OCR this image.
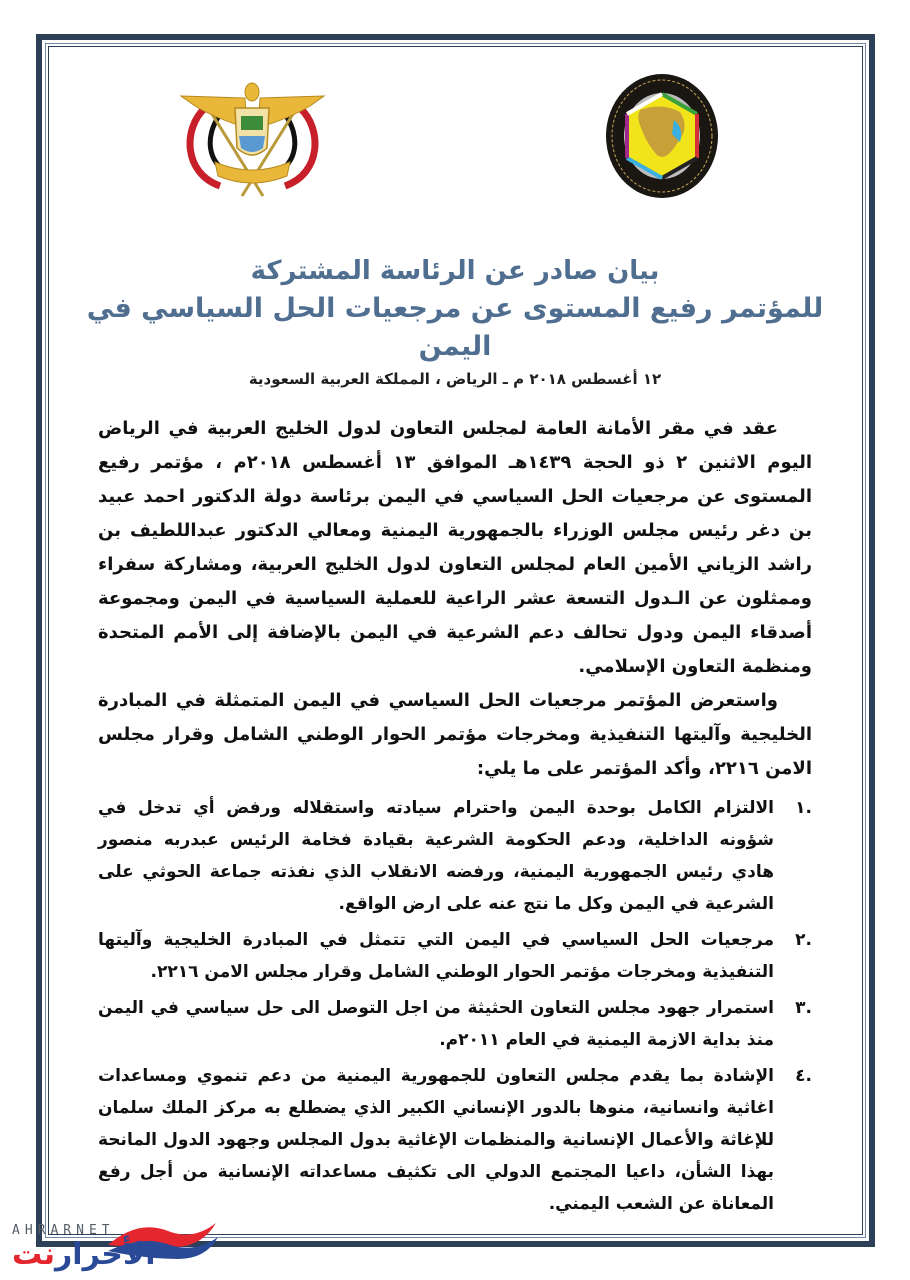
بيان صادر عن الرئاسة المشتركة

للمؤتمر رفيع المستوى عن مرجعيات الحل السياسي في اليمن

١٢ أغسطس ٢٠١٨ م ـ الرياض ، المملكة العربية السعودية

عقد في مقر الأمانة العامة لمجلس التعاون لدول الخليج العربية في الرياض اليوم الاثنين ٢ ذو الحجة ١٤٣٩هـ الموافق ١٣ أغسطس ٢٠١٨م ، مؤتمر رفيع المستوى عن مرجعيات الحل السياسي في اليمن برئاسة دولة الدكتور احمد عبيد بن دغر رئيس مجلس الوزراء بالجمهورية اليمنية ومعالي الدكتور عبداللطيف بن راشد الزياني الأمين العام لمجلس التعاون لدول الخليج العربية، ومشاركة سفراء وممثلون عن الـدول التسعة عشر الراعية للعملية السياسية في اليمن ومجموعة أصدقاء اليمن ودول تحالف دعم الشرعية في اليمن بالإضافة إلى الأمم المتحدة ومنظمة التعاون الإسلامي.

واستعرض المؤتمر مرجعيات الحل السياسي في اليمن المتمثلة في المبادرة الخليجية وآليتها التنفيذية ومخرجات مؤتمر الحوار الوطني الشامل وقرار مجلس الامن ٢٢١٦، وأكد المؤتمر على ما يلي:

.١
الالتزام الكامل بوحدة اليمن واحترام سيادته واستقلاله ورفض أي تدخل في شؤونه الداخلية، ودعم الحكومة الشرعية بقيادة فخامة الرئيس عبدربه منصور هادي رئيس الجمهورية اليمنية، ورفضه الانقلاب الذي نفذته جماعة الحوثي على الشرعية في اليمن وكل ما نتج عنه على ارض الواقع.
.٢
مرجعيات الحل السياسي في اليمن التي تتمثل في المبادرة الخليجية وآليتها التنفيذية ومخرجات مؤتمر الحوار الوطني الشامل وقرار مجلس الامن ٢٢١٦.
.٣
استمرار جهود مجلس التعاون الحثيثة من اجل التوصل الى حل سياسي في اليمن منذ بداية الازمة اليمنية في العام ٢٠١١م.
.٤
الإشادة بما يقدم مجلس التعاون للجمهورية اليمنية من دعم تنموي ومساعدات اغاثية وانسانية، منوها بالدور الإنساني الكبير الذي يضطلع به مركز الملك سلمان للإغاثة والأعمال الإنسانية والمنظمات الإغاثية بدول المجلس وجهود الدول المانحة بهذا الشأن، داعيا المجتمع الدولي الى تكثيف مساعداته الإنسانية من أجل رفع المعاناة عن الشعب اليمني.
AHRARNET
الأحرارنت
